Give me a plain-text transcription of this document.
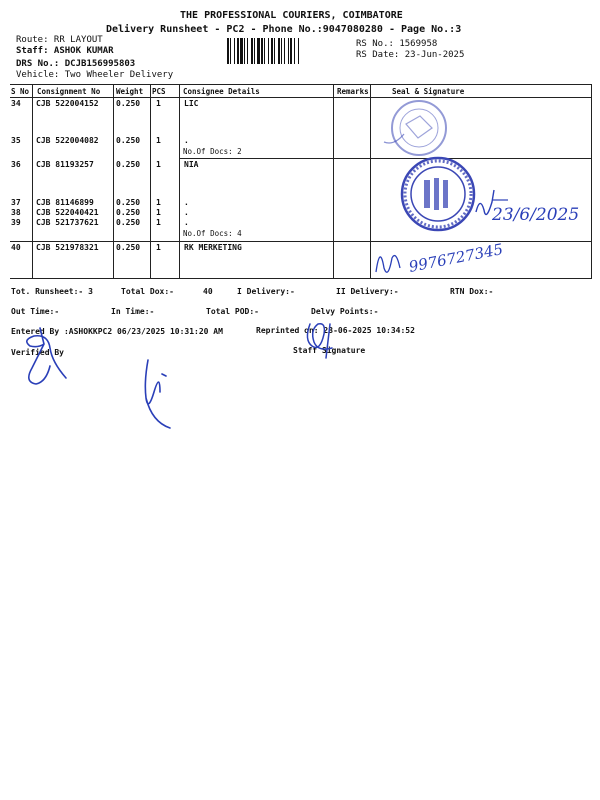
THE PROFESSIONAL COURIERS, COIMBATORE
Delivery Runsheet - PC2 - Phone No.:9047080280 - Page No.:3
Route: RR LAYOUT
Staff: ASHOK KUMAR
DRS No.: DCJB156995803
Vehicle: Two Wheeler Delivery
RS No.: 1569958
RS Date: 23-Jun-2025
S No Consignment No Weight PCS Consignee Details	Remarks	Seal & Signature
34 CJB 522004152 0.250 1	LIC
35 CJB 522004082 0.250 1	.
No.Of Docs: 2
36 CJB 81193257	0.250 1	NIA
37 CJB 81146899	0.250 1	.
38 CJB 522040421 0.250 1	.
39 CJB 521737621 0.250 1	.
No.Of Docs: 4
40 CJB 521978321 0.250 1	RK MERKETING
Tot. Runsheet:- 3	Total Dox:-	40	I Delivery:-	II Delivery:-	RTN Dox:-
Out Time:-	In Time:-	Total POD:-	Delvy Points:-
Entered By :ASHOKKPC2 06/23/2025 10:31:20 AM	Reprinted on: 23-06-2025 10:34:52
Verified By	Staff Signature
23/6/2025
9976727345
